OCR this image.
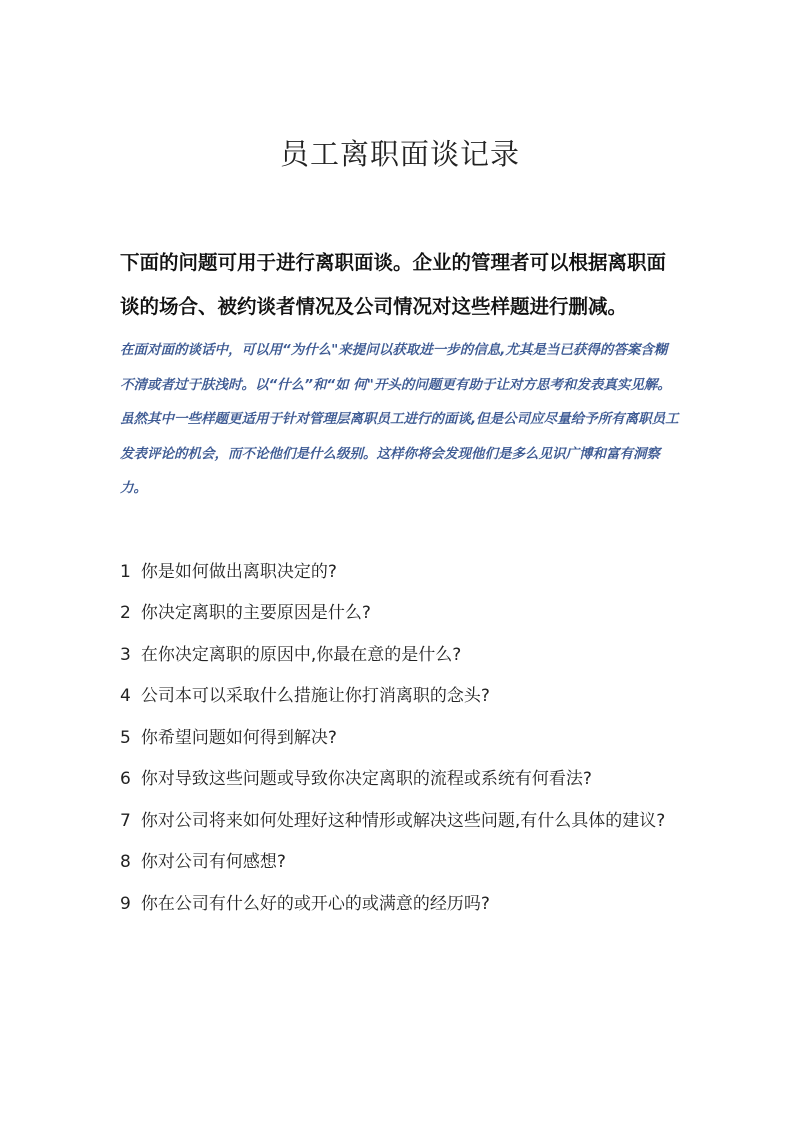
员工离职面谈记录

下面的问题可用于进行离职面谈。企业的管理者可以根据离职面谈的场合、被约谈者情况及公司情况对这些样题进行删减。

在面对面的谈话中，可以用“为什么"来提问以获取进一步的信息,尤其是当已获得的答案含糊不清或者过于肤浅时。以“什么”和“如 何"开头的问题更有助于让对方思考和发表真实见解。虽然其中一些样题更适用于针对管理层离职员工进行的面谈,但是公司应尽量给予所有离职员工发表评论的机会，而不论他们是什么级别。这样你将会发现他们是多么见识广博和富有洞察力。

1 你是如何做出离职决定的?
2 你决定离职的主要原因是什么?
3 在你决定离职的原因中,你最在意的是什么?
4 公司本可以采取什么措施让你打消离职的念头?
5 你希望问题如何得到解决?
6 你对导致这些问题或导致你决定离职的流程或系统有何看法?
7 你对公司将来如何处理好这种情形或解决这些问题,有什么具体的建议?
8 你对公司有何感想?
9 你在公司有什么好的或开心的或满意的经历吗?
